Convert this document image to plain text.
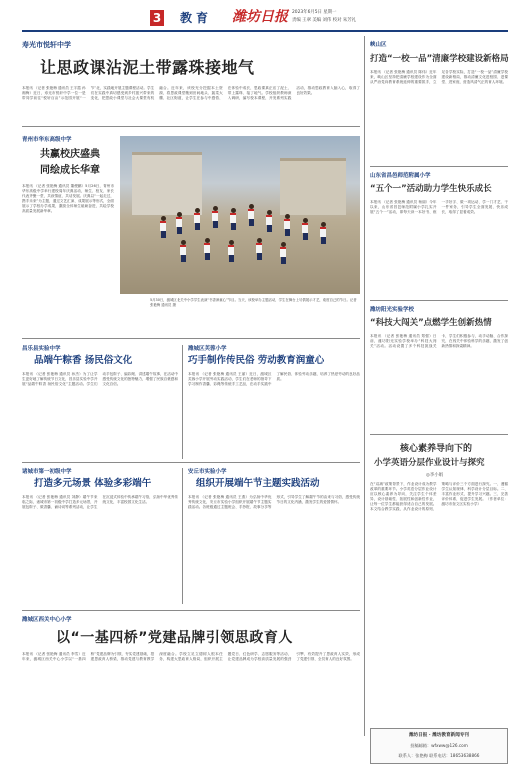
3 教育 潍坊日报 2023年6月5日 星期一
责编 王翠 美编 刘伟 校对 朱芳礼
寿光市悦轩中学
让思政课沾泥土带露珠接地气
本报讯 （记者 张艳梅 通讯员 王宇霞 孙湘梅）近日，寿光市悦轩中学一位一是带同学前往“悦轩百亩”示范园开展“一节”北，实践地开展主题课程活动。学生们在实践中真切感受到乡村振兴带来的变化，把思政小课堂与社会大课堂有机融合。近年来，该校充分挖掘本土资源，将思政课堂搬到田间地头、蔬菜大棚、社区街道，让学生在参与中感悟、在体验中成长，思政课真正沾了泥土、带上露珠、接了地气。学校组织教师深入调研，编写校本课程，开发系列实践活动，推动思政教育入脑入心，取得了良好效果。
青州市华东高级中学
共赢校庆盛典
同绘成长华章
本报讯 （记者 张艳梅 通讯员 董俊鹏）5月26日，青州市华东高级中学举行建校周年庆典活动，师生、校友、家长代表齐聚一堂，共叙情谊、共话发展。庆典以“一起走过，携手未来”为主题，通过文艺汇演、成果展示等形式，全面展示了学校办学成果，激励全体师生砥砺奋进，共绘学校高质量发展新华章。
5月30日，潍城区北关中小学学生表演“书香润童心”节目。当天，该校举办主题活动，学生在舞台上尽情展示才艺，欢度自己的节日。记者 张艳梅 通讯员 摄
昌乐县实验中学
品端午粽香 扬民俗文化
本报讯 （记者 张艳梅 通讯员 孙杰）为了让学生更好地了解传统节日文化，昌乐县实验中学开展“品端午粽香 扬民俗文化”主题活动。学生们动手包粽子、编彩绳、讲述端午故事，在活动中感受传统文化的独特魅力，增强了民族自豪感和文化自信。
潍城区芙蓉小学
巧手制作传民俗 劳动教育润童心
本报讯 （记者 张艳梅 通讯员 王丽）近日，潍城区芙蓉小学开展劳动实践活动，学生们在老师的指导下学习制作香囊、彩绳等传统手工艺品，在动手实践中了解民俗、体验劳动乐趣，培养了热爱劳动的良好品质。
诸城市第一初级中学
打造多元场景 体验多彩端午
本报讯 （记者 张艳梅 通讯员 刘静）端午节来临之际，诸城市第一初级中学打造多元场景，开展包粽子、做香囊、诵诗词等系列活动，让学生在沉浸式体验中传承端午习俗，弘扬中华优秀传统文化，丰富校园文化生活。
安丘市实验小学
组织开展端午节主题实践活动
本报讯 （记者 张艳梅 通讯员 王燕）为弘扬中华优秀传统文化，安丘市实验小学组织开展端午节主题实践活动。各班级通过主题班会、手抄报、故事分享等形式，引导学生了解端午节的由来与习俗，感受传统节日的文化内涵，激发学生的爱国情怀。
潍城区西关中心小学
以“一基四桥”党建品牌引领思政育人
本报讯 （记者 张艳梅 通讯员 李雪）近年来，潍城区西关中心小学以“一基四桥”党建品牌为引领，夯实党建基础，搭建思政育人桥梁，推动党建与教育教学深度融合。学校立足立德树人根本任务，构建大思政育人格局，组织开展主题党日、红色研学、志愿服务等活动，让党建品牌成为学校高质量发展的强劲引擎，有效提升了思政育人实效，形成了党建引领、全员育人的良好氛围。
峡山区
打造“一校一品”清廉学校建设新格局
本报讯 （记者 张艳梅 通讯员 陈伟）近年来，峡山区坚持把清廉学校建设作为全面从严治党向教育系统延伸的重要抓手，立足各学校实际，打造“一校一品”清廉学校建设新格局，推动清廉文化进校园、进课堂、进家庭，营造风清气正的育人环境。
山东省昌邑师范附属小学
“五个一”活动助力学生快乐成长
本报讯 （记者 张艳梅 通讯员 杨丽）今年以来，山东省昌邑师范附属小学扎实开展“五个一”活动，即每天读一本好书、练一手好字、做一项运动、学一门才艺、干一件家务，引导学生全面发展、快乐成长，取得了显著成效。
潍坊阳光实验学校
“科技大闯关”点燃学生创新热情
本报讯 （记者 张艳梅 通讯员 郑强）日前，潍坊阳光实验学校举办“科技大闯关”活动。活动设置了多个科技挑战关卡，学生们积极参与，动手动脑、合作探究，在闯关中体验科学的乐趣，激发了创新热情和探索精神。
核心素养导向下的
小学英语分层作业设计与探究
◎李小娟
在“双减”政策背景下，作业设计成为教学改革的重要环节。小学英语分层作业设计应以核心素养为导向，关注学生个体差异，设计基础性、拓展性和创新性作业，让每一位学生都能获得适合自己的发展。本文结合教学实践，从作业设计的原则、策略与评价三个方面进行探究。一、遵循学生认知规律，科学设计分层目标。二、丰富作业形式，提升学习兴趣。三、完善评价体系，促进学生发展。（作者单位：潍坊市奎文区实验小学）
潍坊日报 · 潍坊教育新闻专刊
投稿邮箱：wfxww@126.com
联系人：张艳梅 联系电话：18653638866
